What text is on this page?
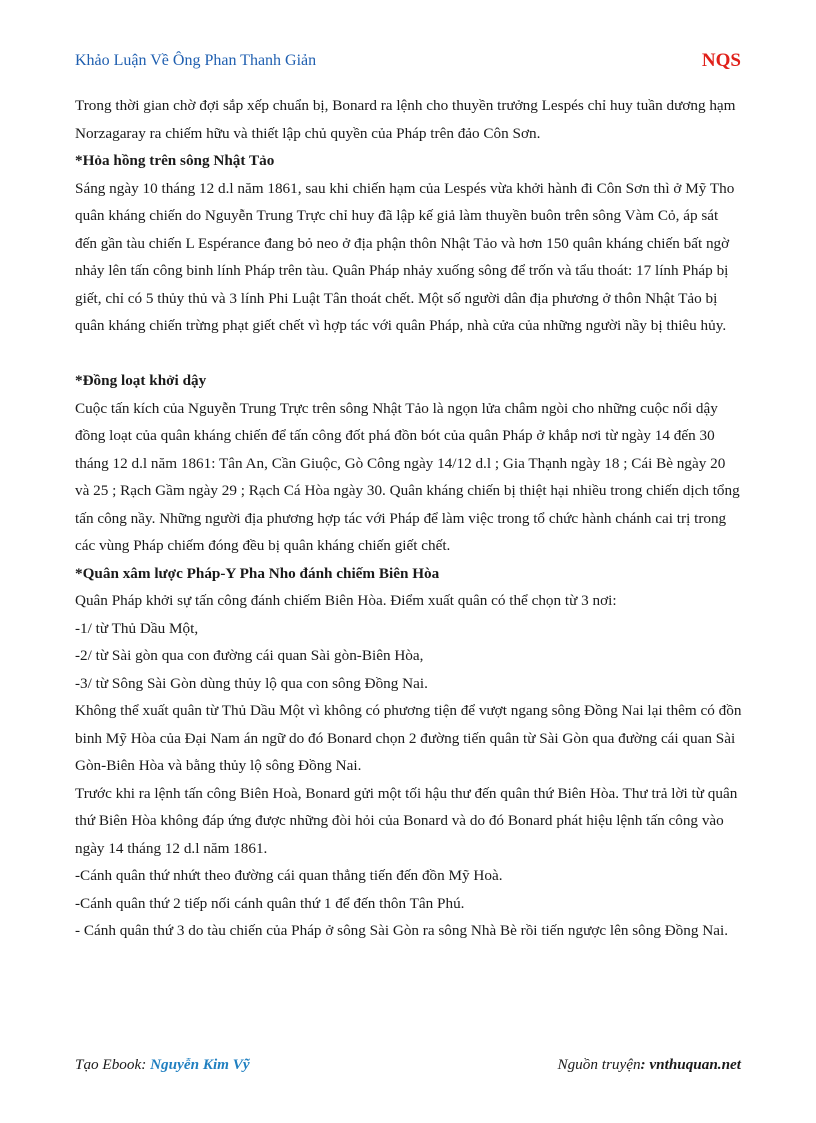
Khảo Luận Về Ông Phan Thanh Giản	NQS

Trong thời gian chờ đợi sắp xếp chuẩn bị, Bonard ra lệnh cho thuyền trưởng Lespés chỉ huy tuần dương hạm Norzagaray ra chiếm hữu và thiết lập chủ quyền của Pháp trên đảo Côn Sơn.

*Hỏa hồng trên sông Nhật Tảo

Sáng ngày 10 tháng 12 d.l năm 1861, sau khi chiến hạm của Lespés vừa khởi hành đi Côn Sơn thì ở Mỹ Tho quân kháng chiến do Nguyễn Trung Trực chỉ huy đã lập kế giả làm thuyền buôn trên sông Vàm Cỏ, áp sát đến gần tàu chiến L Espérance đang bỏ neo ở địa phận thôn Nhật Tảo và hơn 150 quân kháng chiến bất ngờ nhảy lên tấn công binh lính Pháp trên tàu. Quân Pháp nhảy xuống sông để trốn và tẩu thoát: 17 lính Pháp bị giết, chỉ có 5 thủy thủ và 3 lính Phi Luật Tân thoát chết. Một số người dân địa phương ở thôn Nhật Tảo bị quân kháng chiến trừng phạt giết chết vì hợp tác với quân Pháp, nhà cửa của những người nầy bị thiêu hủy.

*Đồng loạt khởi dậy

Cuộc tấn kích của Nguyễn Trung Trực trên sông Nhật Tảo là ngọn lửa châm ngòi cho những cuộc nổi dậy đồng loạt của quân kháng chiến để tấn công đốt phá đồn bót của quân Pháp ở khắp nơi từ ngày 14 đến 30 tháng 12 d.l năm 1861: Tân An, Cần Giuộc, Gò Công ngày 14/12 d.l ; Gia Thạnh ngày 18 ; Cái Bè ngày 20 và 25 ; Rạch Gầm ngày 29 ; Rạch Cá Hòa ngày 30. Quân kháng chiến bị thiệt hại nhiều trong chiến dịch tổng tấn công nầy. Những người địa phương hợp tác với Pháp để làm việc trong tổ chức hành chánh cai trị trong các vùng Pháp chiếm đóng đều bị quân kháng chiến giết chết.

*Quân xâm lược Pháp-Y Pha Nho đánh chiếm Biên Hòa

Quân Pháp khởi sự tấn công đánh chiếm Biên Hòa. Điểm xuất quân có thể chọn từ 3 nơi:

-1/ từ Thủ Dầu Một,

-2/ từ Sài gòn qua con đường cái quan Sài gòn-Biên Hòa,

-3/ từ Sông Sài Gòn dùng thủy lộ qua con sông Đồng Nai.

Không thể xuất quân từ Thủ Dầu Một vì không có phương tiện để vượt ngang sông Đồng Nai lại thêm có đồn binh Mỹ Hòa của Đại Nam án ngữ do đó Bonard chọn 2 đường tiến quân từ Sài Gòn qua đường cái quan Sài Gòn-Biên Hòa và bằng thủy lộ sông Đồng Nai.

Trước khi ra lệnh tấn công Biên Hoà, Bonard gửi một tối hậu thư đến quân thứ Biên Hòa. Thư trả lời từ quân thứ Biên Hòa không đáp ứng được những đòi hỏi của Bonard và do đó Bonard phát hiệu lệnh tấn công vào ngày 14 tháng 12 d.l năm 1861.

-Cánh quân thứ nhứt theo đường cái quan thẳng tiến đến đồn Mỹ Hoà.

-Cánh quân thứ 2 tiếp nối cánh quân thứ 1 để đến thôn Tân Phú.

- Cánh quân thứ 3 do tàu chiến của Pháp ở sông Sài Gòn ra sông Nhà Bè rồi tiến ngược lên sông Đồng Nai.

Tạo Ebook: Nguyễn Kim Vỹ	Nguồn truyện: vnthuquan.net
